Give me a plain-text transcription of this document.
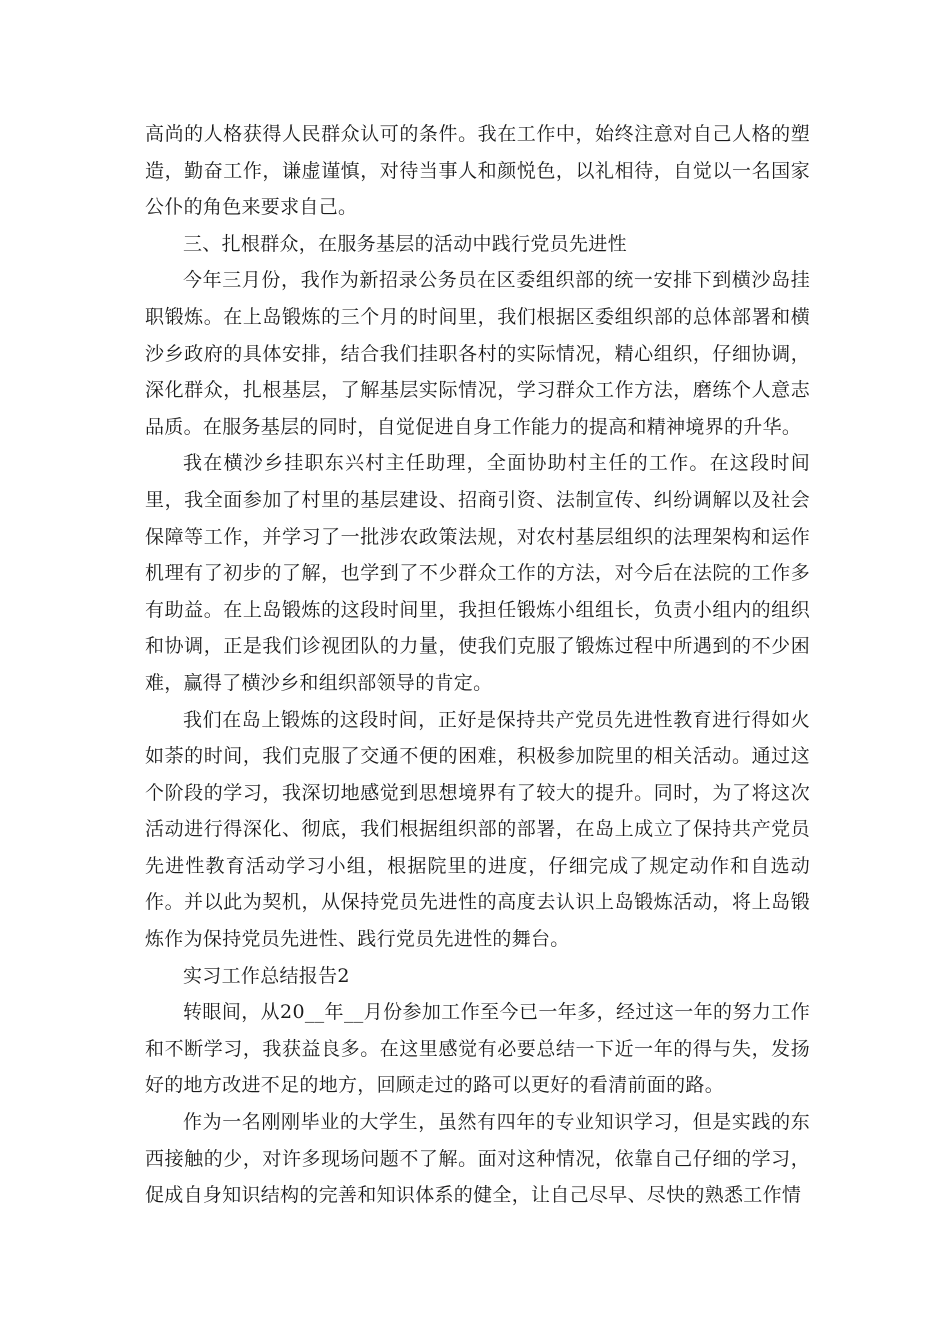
高尚的人格获得人民群众认可的条件。我在工作中，始终注意对自己人格的塑造，勤奋工作，谦虚谨慎，对待当事人和颜悦色，以礼相待，自觉以一名国家公仆的角色来要求自己。

三、扎根群众，在服务基层的活动中践行党员先进性

今年三月份，我作为新招录公务员在区委组织部的统一安排下到横沙岛挂职锻炼。在上岛锻炼的三个月的时间里，我们根据区委组织部的总体部署和横沙乡政府的具体安排，结合我们挂职各村的实际情况，精心组织，仔细协调，深化群众，扎根基层，了解基层实际情况，学习群众工作方法，磨练个人意志品质。在服务基层的同时，自觉促进自身工作能力的提高和精神境界的升华。

我在横沙乡挂职东兴村主任助理，全面协助村主任的工作。在这段时间里，我全面参加了村里的基层建设、招商引资、法制宣传、纠纷调解以及社会保障等工作，并学习了一批涉农政策法规，对农村基层组织的法理架构和运作机理有了初步的了解，也学到了不少群众工作的方法，对今后在法院的工作多有助益。在上岛锻炼的这段时间里，我担任锻炼小组组长，负责小组内的组织和协调，正是我们诊视团队的力量，使我们克服了锻炼过程中所遇到的不少困难，赢得了横沙乡和组织部领导的肯定。

我们在岛上锻炼的这段时间，正好是保持共产党员先进性教育进行得如火如荼的时间，我们克服了交通不便的困难，积极参加院里的相关活动。通过这个阶段的学习，我深切地感觉到思想境界有了较大的提升。同时，为了将这次活动进行得深化、彻底，我们根据组织部的部署，在岛上成立了保持共产党员先进性教育活动学习小组，根据院里的进度，仔细完成了规定动作和自选动作。并以此为契机，从保持党员先进性的高度去认识上岛锻炼活动，将上岛锻炼作为保持党员先进性、践行党员先进性的舞台。

实习工作总结报告2

转眼间，从20__年__月份参加工作至今已一年多，经过这一年的努力工作和不断学习，我获益良多。在这里感觉有必要总结一下近一年的得与失，发扬好的地方改进不足的地方，回顾走过的路可以更好的看清前面的路。

作为一名刚刚毕业的大学生，虽然有四年的专业知识学习，但是实践的东西接触的少，对许多现场问题不了解。面对这种情况，依靠自己仔细的学习，促成自身知识结构的完善和知识体系的健全，让自己尽早、尽快的熟悉工作情
